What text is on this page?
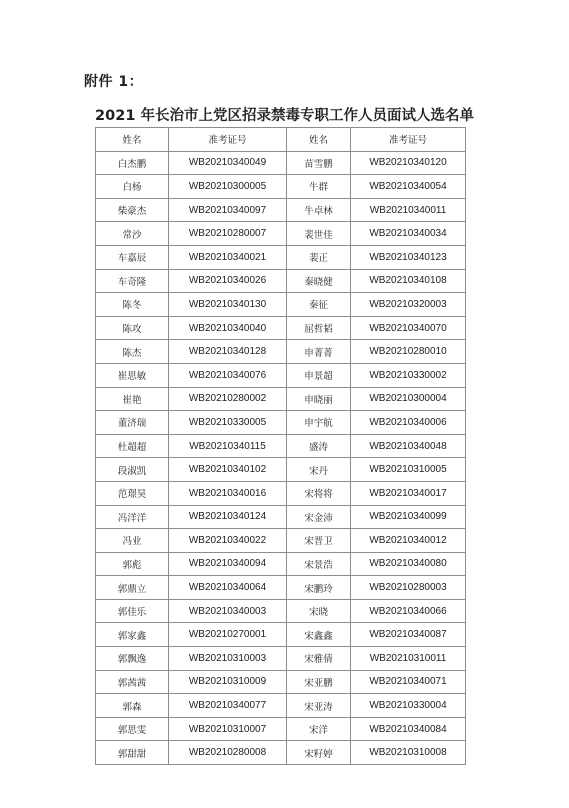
附件 1：
2021 年长治市上党区招录禁毒专职工作人员面试人选名单
姓名	准考证号	姓名	准考证号
白杰鹏	WB20210340049	苗雪鹏	WB20210340120
白杨	WB20210300005	牛群	WB20210340054
柴豪杰	WB20210340097	牛卓林	WB20210340011
常沙	WB20210280007	裴世佳	WB20210340034
车嘉辰	WB20210340021	裴正	WB20210340123
车奇隆	WB20210340026	秦晓健	WB20210340108
陈冬	WB20210340130	秦征	WB20210320003
陈攻	WB20210340040	屈哲韬	WB20210340070
陈杰	WB20210340128	申菁菁	WB20210280010
崔思敏	WB20210340076	申景超	WB20210330002
崔艳	WB20210280002	申晓丽	WB20210300004
董济瑞	WB20210330005	申宇航	WB20210340006
杜超超	WB20210340115	盛涛	WB20210340048
段淑凯	WB20210340102	宋丹	WB20210310005
范璟昊	WB20210340016	宋将将	WB20210340017
冯洋洋	WB20210340124	宋金沛	WB20210340099
冯业	WB20210340022	宋晋卫	WB20210340012
郭彪	WB20210340094	宋景浩	WB20210340080
郭鼎立	WB20210340064	宋鹏玲	WB20210280003
郭佳乐	WB20210340003	宋晓	WB20210340066
郭家鑫	WB20210270001	宋鑫鑫	WB20210340087
郭飘逸	WB20210310003	宋雅倩	WB20210310011
郭茜茜	WB20210310009	宋亚鹏	WB20210340071
郭森	WB20210340077	宋亚涛	WB20210330004
郭思雯	WB20210310007	宋洋	WB20210340084
郭甜甜	WB20210280008	宋籽婷	WB20210310008
